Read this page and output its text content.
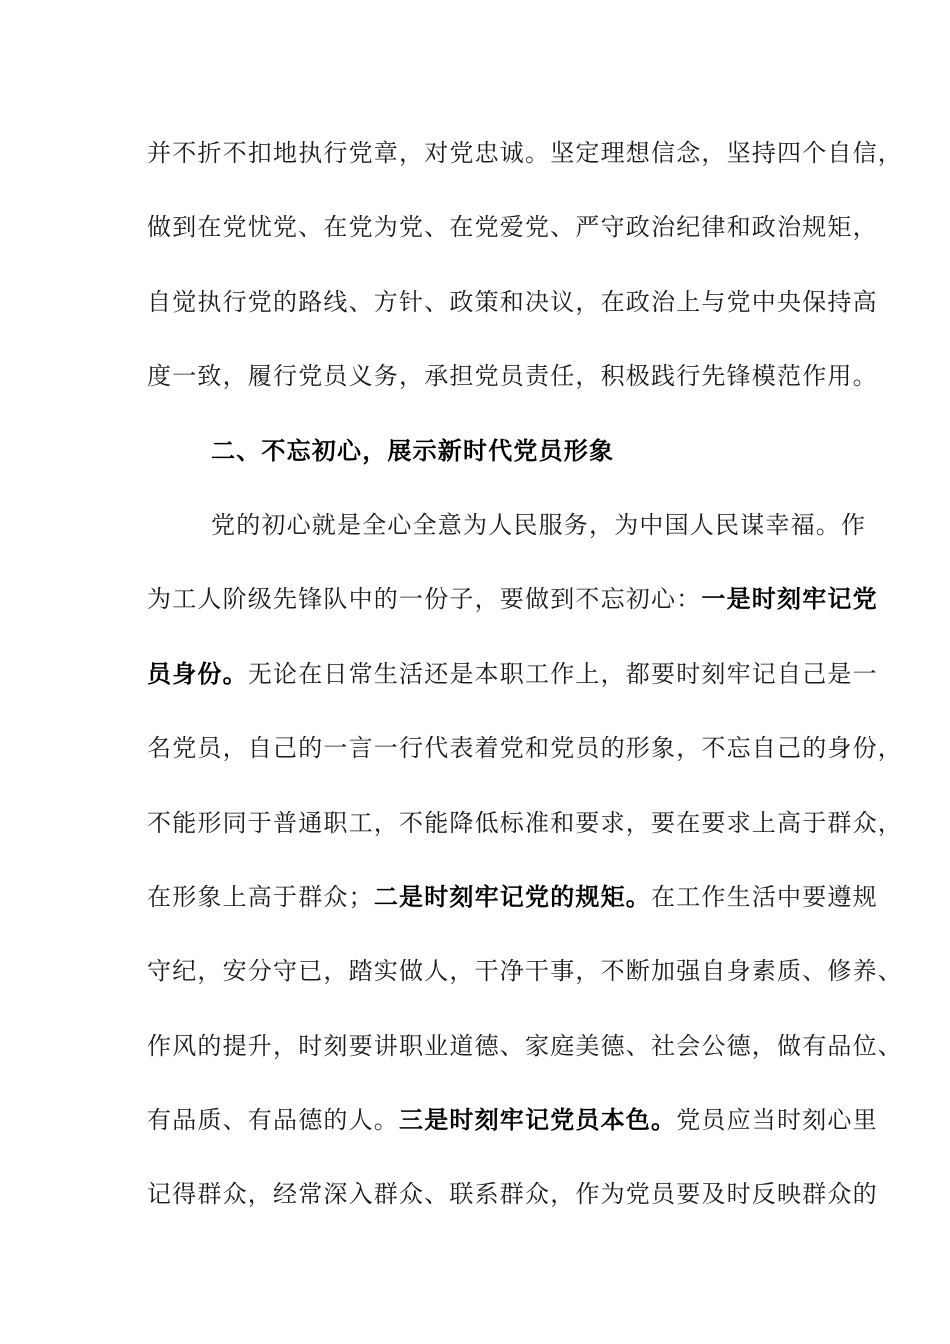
并不折不扣地执行党章，对党忠诚。坚定理想信念，坚持四个自信，
做到在党忧党、在党为党、在党爱党、严守政治纪律和政治规矩，
自觉执行党的路线、方针、政策和决议，在政治上与党中央保持高
度一致，履行党员义务，承担党员责任，积极践行先锋模范作用。
二、不忘初心，展示新时代党员形象
党的初心就是全心全意为人民服务，为中国人民谋幸福。作
为工人阶级先锋队中的一份子，要做到不忘初心：一是时刻牢记党
员身份。无论在日常生活还是本职工作上，都要时刻牢记自己是一
名党员，自己的一言一行代表着党和党员的形象，不忘自己的身份，
不能形同于普通职工，不能降低标准和要求，要在要求上高于群众，
在形象上高于群众；二是时刻牢记党的规矩。在工作生活中要遵规
守纪，安分守已，踏实做人，干净干事，不断加强自身素质、修养、
作风的提升，时刻要讲职业道德、家庭美德、社会公德，做有品位、
有品质、有品德的人。三是时刻牢记党员本色。党员应当时刻心里
记得群众，经常深入群众、联系群众，作为党员要及时反映群众的
